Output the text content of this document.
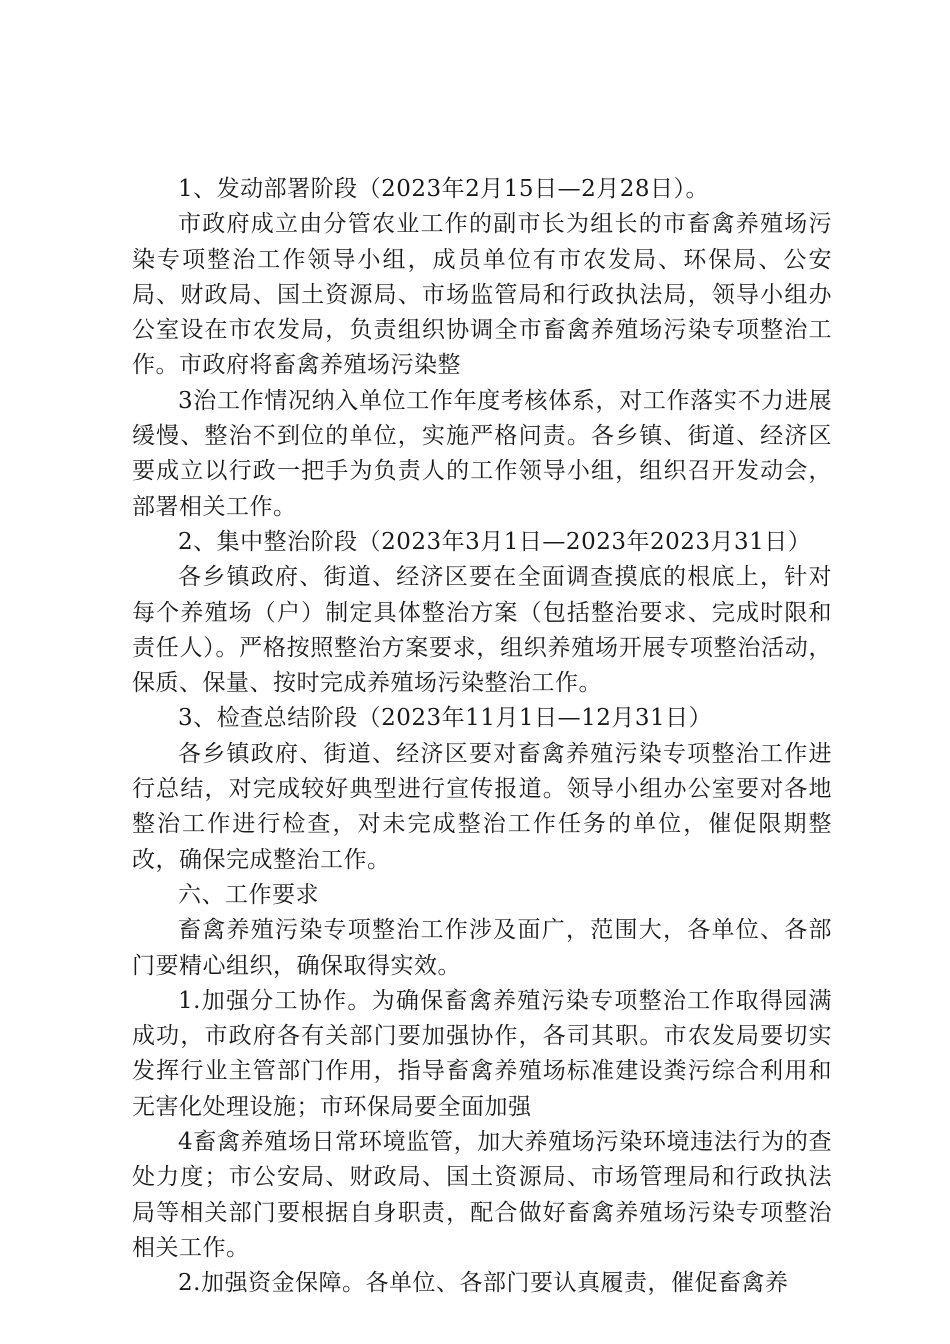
1、发动部署阶段（2023年2月15日—2月28日）。

市政府成立由分管农业工作的副市长为组长的市畜禽养殖场污染专项整治工作领导小组，成员单位有市农发局、环保局、公安局、财政局、国土资源局、市场监管局和行政执法局，领导小组办公室设在市农发局，负责组织协调全市畜禽养殖场污染专项整治工作。市政府将畜禽养殖场污染整

3治工作情况纳入单位工作年度考核体系，对工作落实不力进展缓慢、整治不到位的单位，实施严格问责。各乡镇、街道、经济区要成立以行政一把手为负责人的工作领导小组，组织召开发动会，部署相关工作。

2、集中整治阶段（2023年3月1日—2023年2023月31日）

各乡镇政府、街道、经济区要在全面调查摸底的根底上，针对每个养殖场（户）制定具体整治方案（包括整治要求、完成时限和责任人）。严格按照整治方案要求，组织养殖场开展专项整治活动，保质、保量、按时完成养殖场污染整治工作。

3、检查总结阶段（2023年11月1日—12月31日）

各乡镇政府、街道、经济区要对畜禽养殖污染专项整治工作进行总结，对完成较好典型进行宣传报道。领导小组办公室要对各地整治工作进行检查，对未完成整治工作任务的单位，催促限期整改，确保完成整治工作。

六、工作要求

畜禽养殖污染专项整治工作涉及面广，范围大，各单位、各部门要精心组织，确保取得实效。

1.加强分工协作。为确保畜禽养殖污染专项整治工作取得园满成功，市政府各有关部门要加强协作，各司其职。市农发局要切实发挥行业主管部门作用，指导畜禽养殖场标准建设粪污综合利用和无害化处理设施；市环保局要全面加强

4畜禽养殖场日常环境监管，加大养殖场污染环境违法行为的查处力度；市公安局、财政局、国土资源局、市场管理局和行政执法局等相关部门要根据自身职责，配合做好畜禽养殖场污染专项整治相关工作。

2.加强资金保障。各单位、各部门要认真履责，催促畜禽养
